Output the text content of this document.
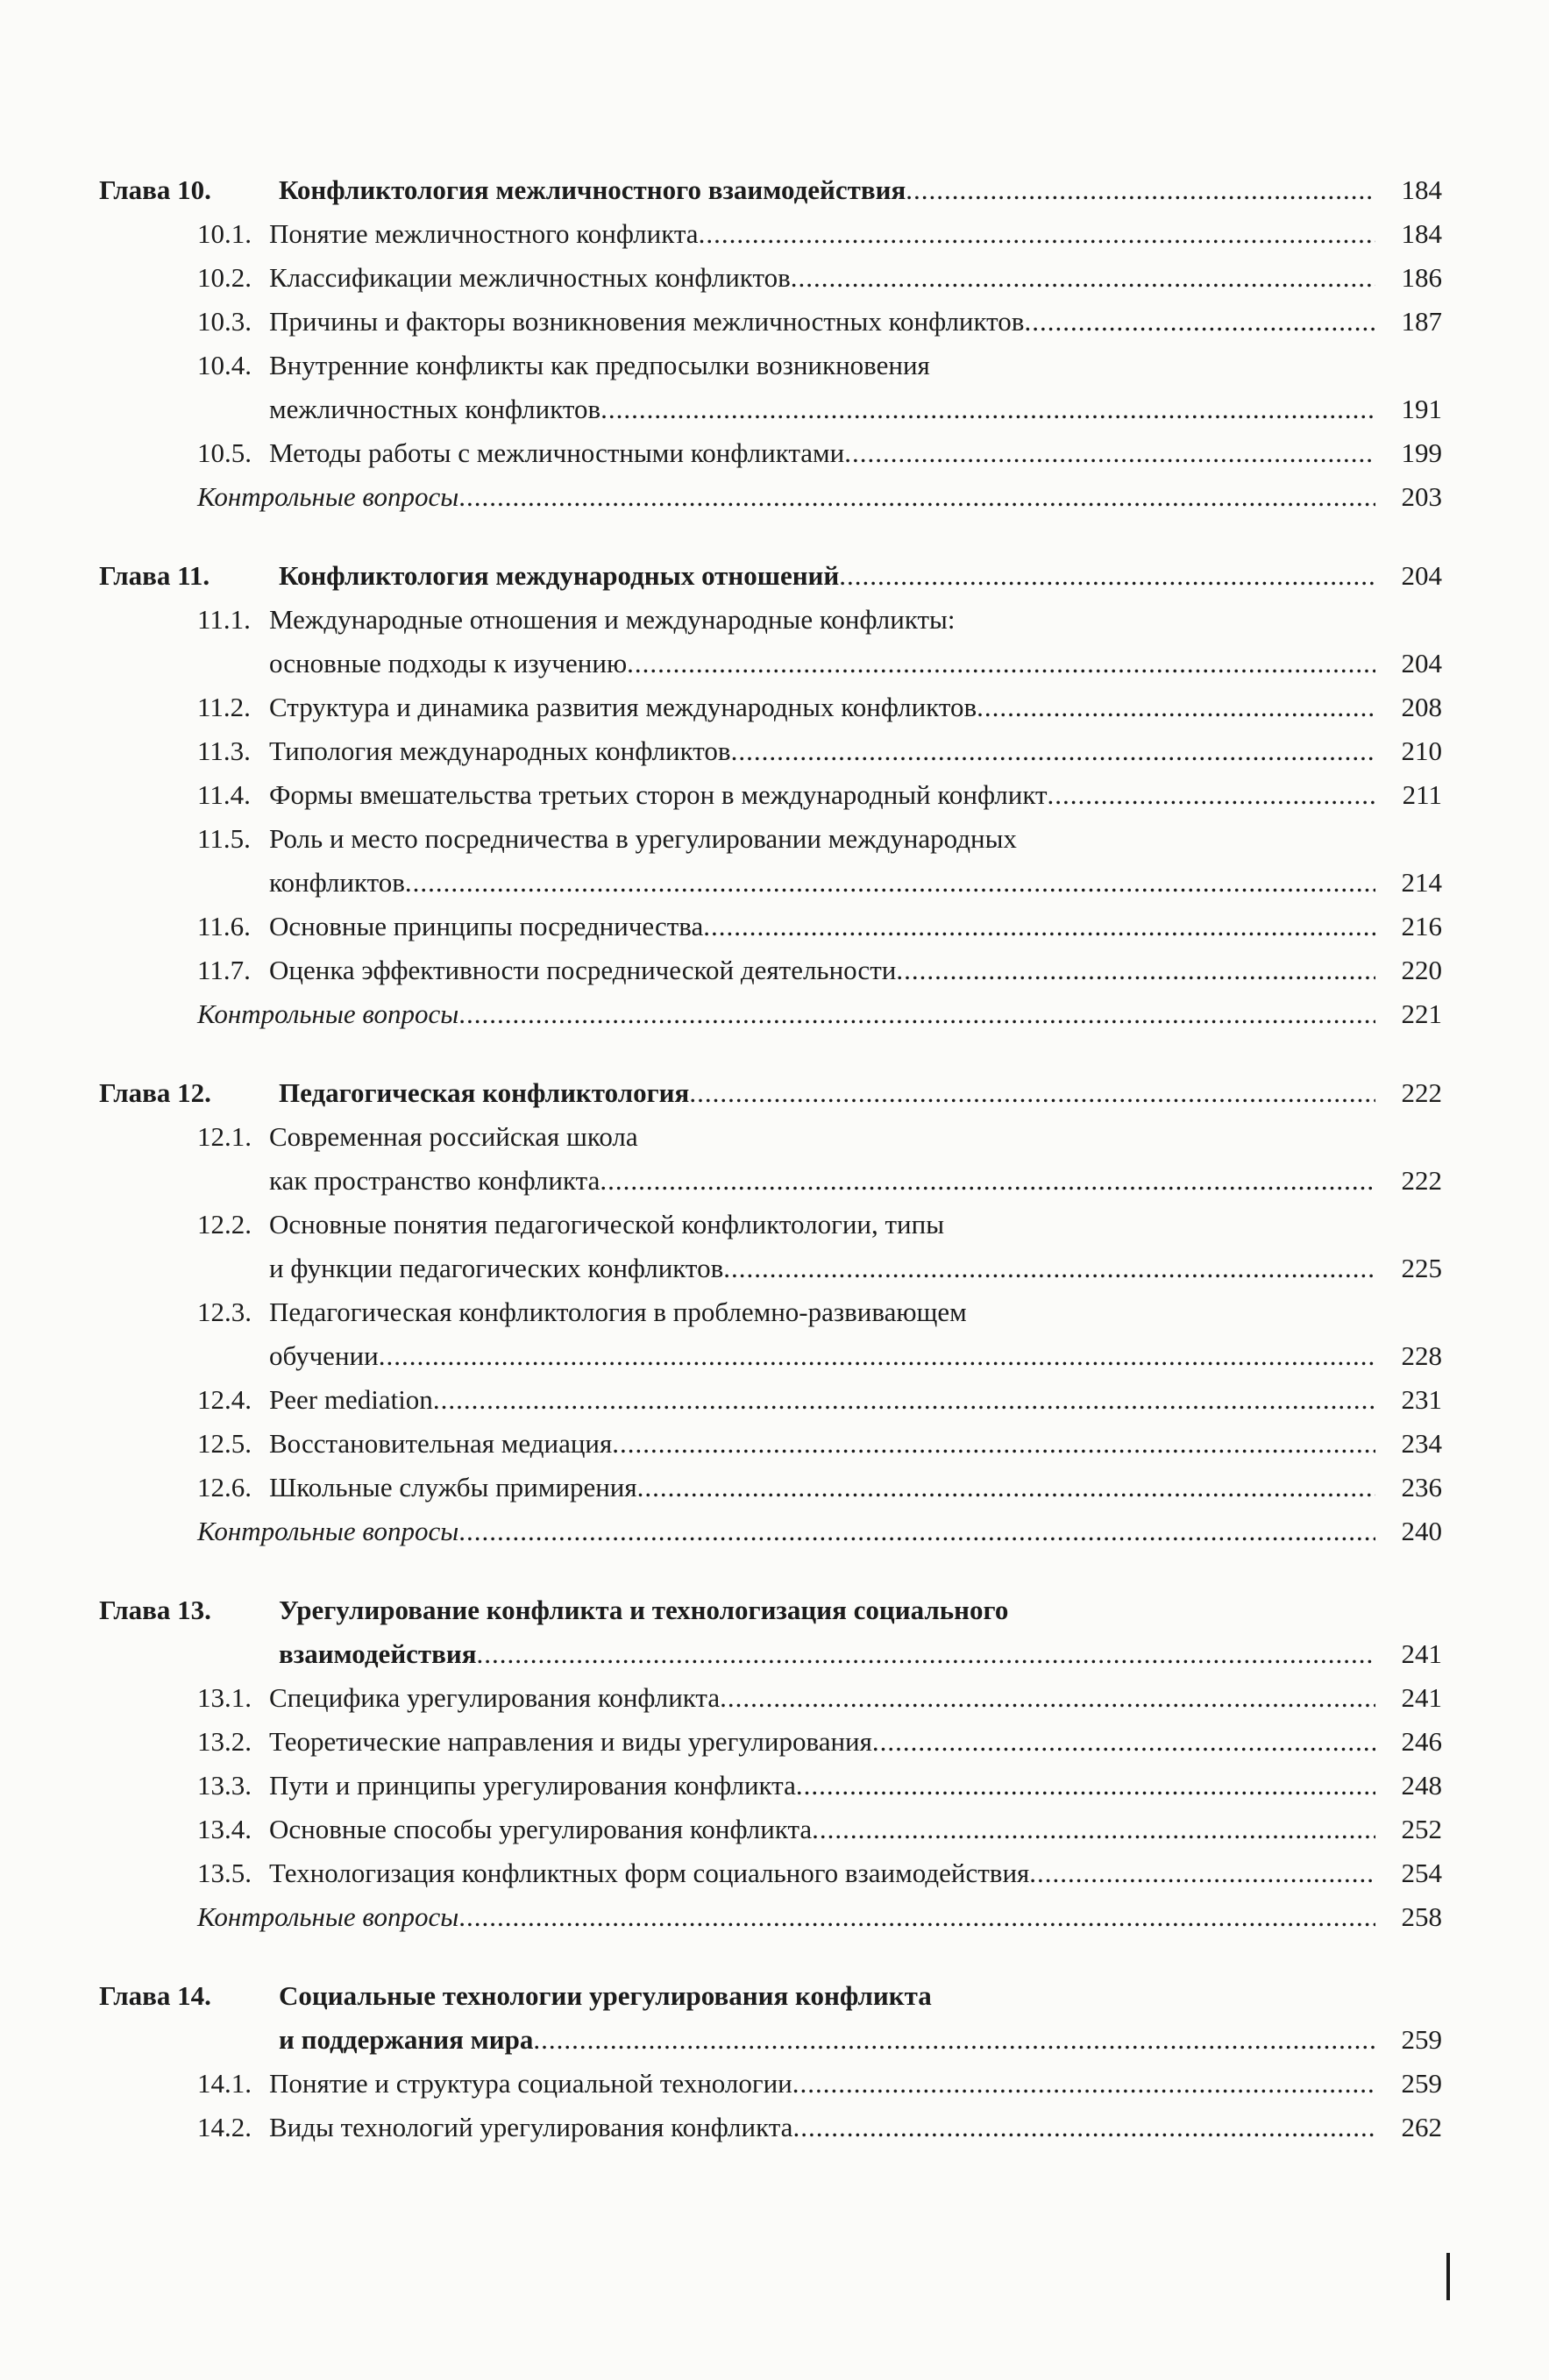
Глава 10.	Конфликтология межличностного взаимодействия .....	184
10.1. Понятие межличностного конфликта .....	184
10.2. Классификации межличностных конфликтов .....	186
10.3. Причины и факторы возникновения межличностных конфликтов .....	187
10.4. Внутренние конфликты как предпосылки возникновения
межличностных конфликтов .....	191
10.5. Методы работы с межличностными конфликтами .....	199
Контрольные вопросы .....	203
Глава 11.	Конфликтология международных отношений .....	204
11.1. Международные отношения и международные конфликты:
основные подходы к изучению .....	204
11.2. Структура и динамика развития международных конфликтов .....	208
11.3. Типология международных конфликтов .....	210
11.4. Формы вмешательства третьих сторон в международный конфликт .....	211
11.5. Роль и место посредничества в урегулировании международных
конфликтов .....	214
11.6. Основные принципы посредничества .....	216
11.7. Оценка эффективности посреднической деятельности .....	220
Контрольные вопросы .....	221
Глава 12.	Педагогическая конфликтология .....	222
12.1. Современная российская школа
как пространство конфликта .....	222
12.2. Основные понятия педагогической конфликтологии, типы
и функции педагогических конфликтов .....	225
12.3. Педагогическая конфликтология в проблемно-развивающем
обучении .....	228
12.4. Peer mediation .....	231
12.5. Восстановительная медиация .....	234
12.6. Школьные службы примирения .....	236
Контрольные вопросы .....	240
Глава 13.	Урегулирование конфликта и технологизация социального
взаимодействия .....	241
13.1. Специфика урегулирования конфликта .....	241
13.2. Теоретические направления и виды урегулирования .....	246
13.3. Пути и принципы урегулирования конфликта .....	248
13.4. Основные способы урегулирования конфликта .....	252
13.5. Технологизация конфликтных форм социального взаимодействия .....	254
Контрольные вопросы .....	258
Глава 14.	Социальные технологии урегулирования конфликта
и поддержания мира .....	259
14.1. Понятие и структура социальной технологии .....	259
14.2. Виды технологий урегулирования конфликта .....	262
